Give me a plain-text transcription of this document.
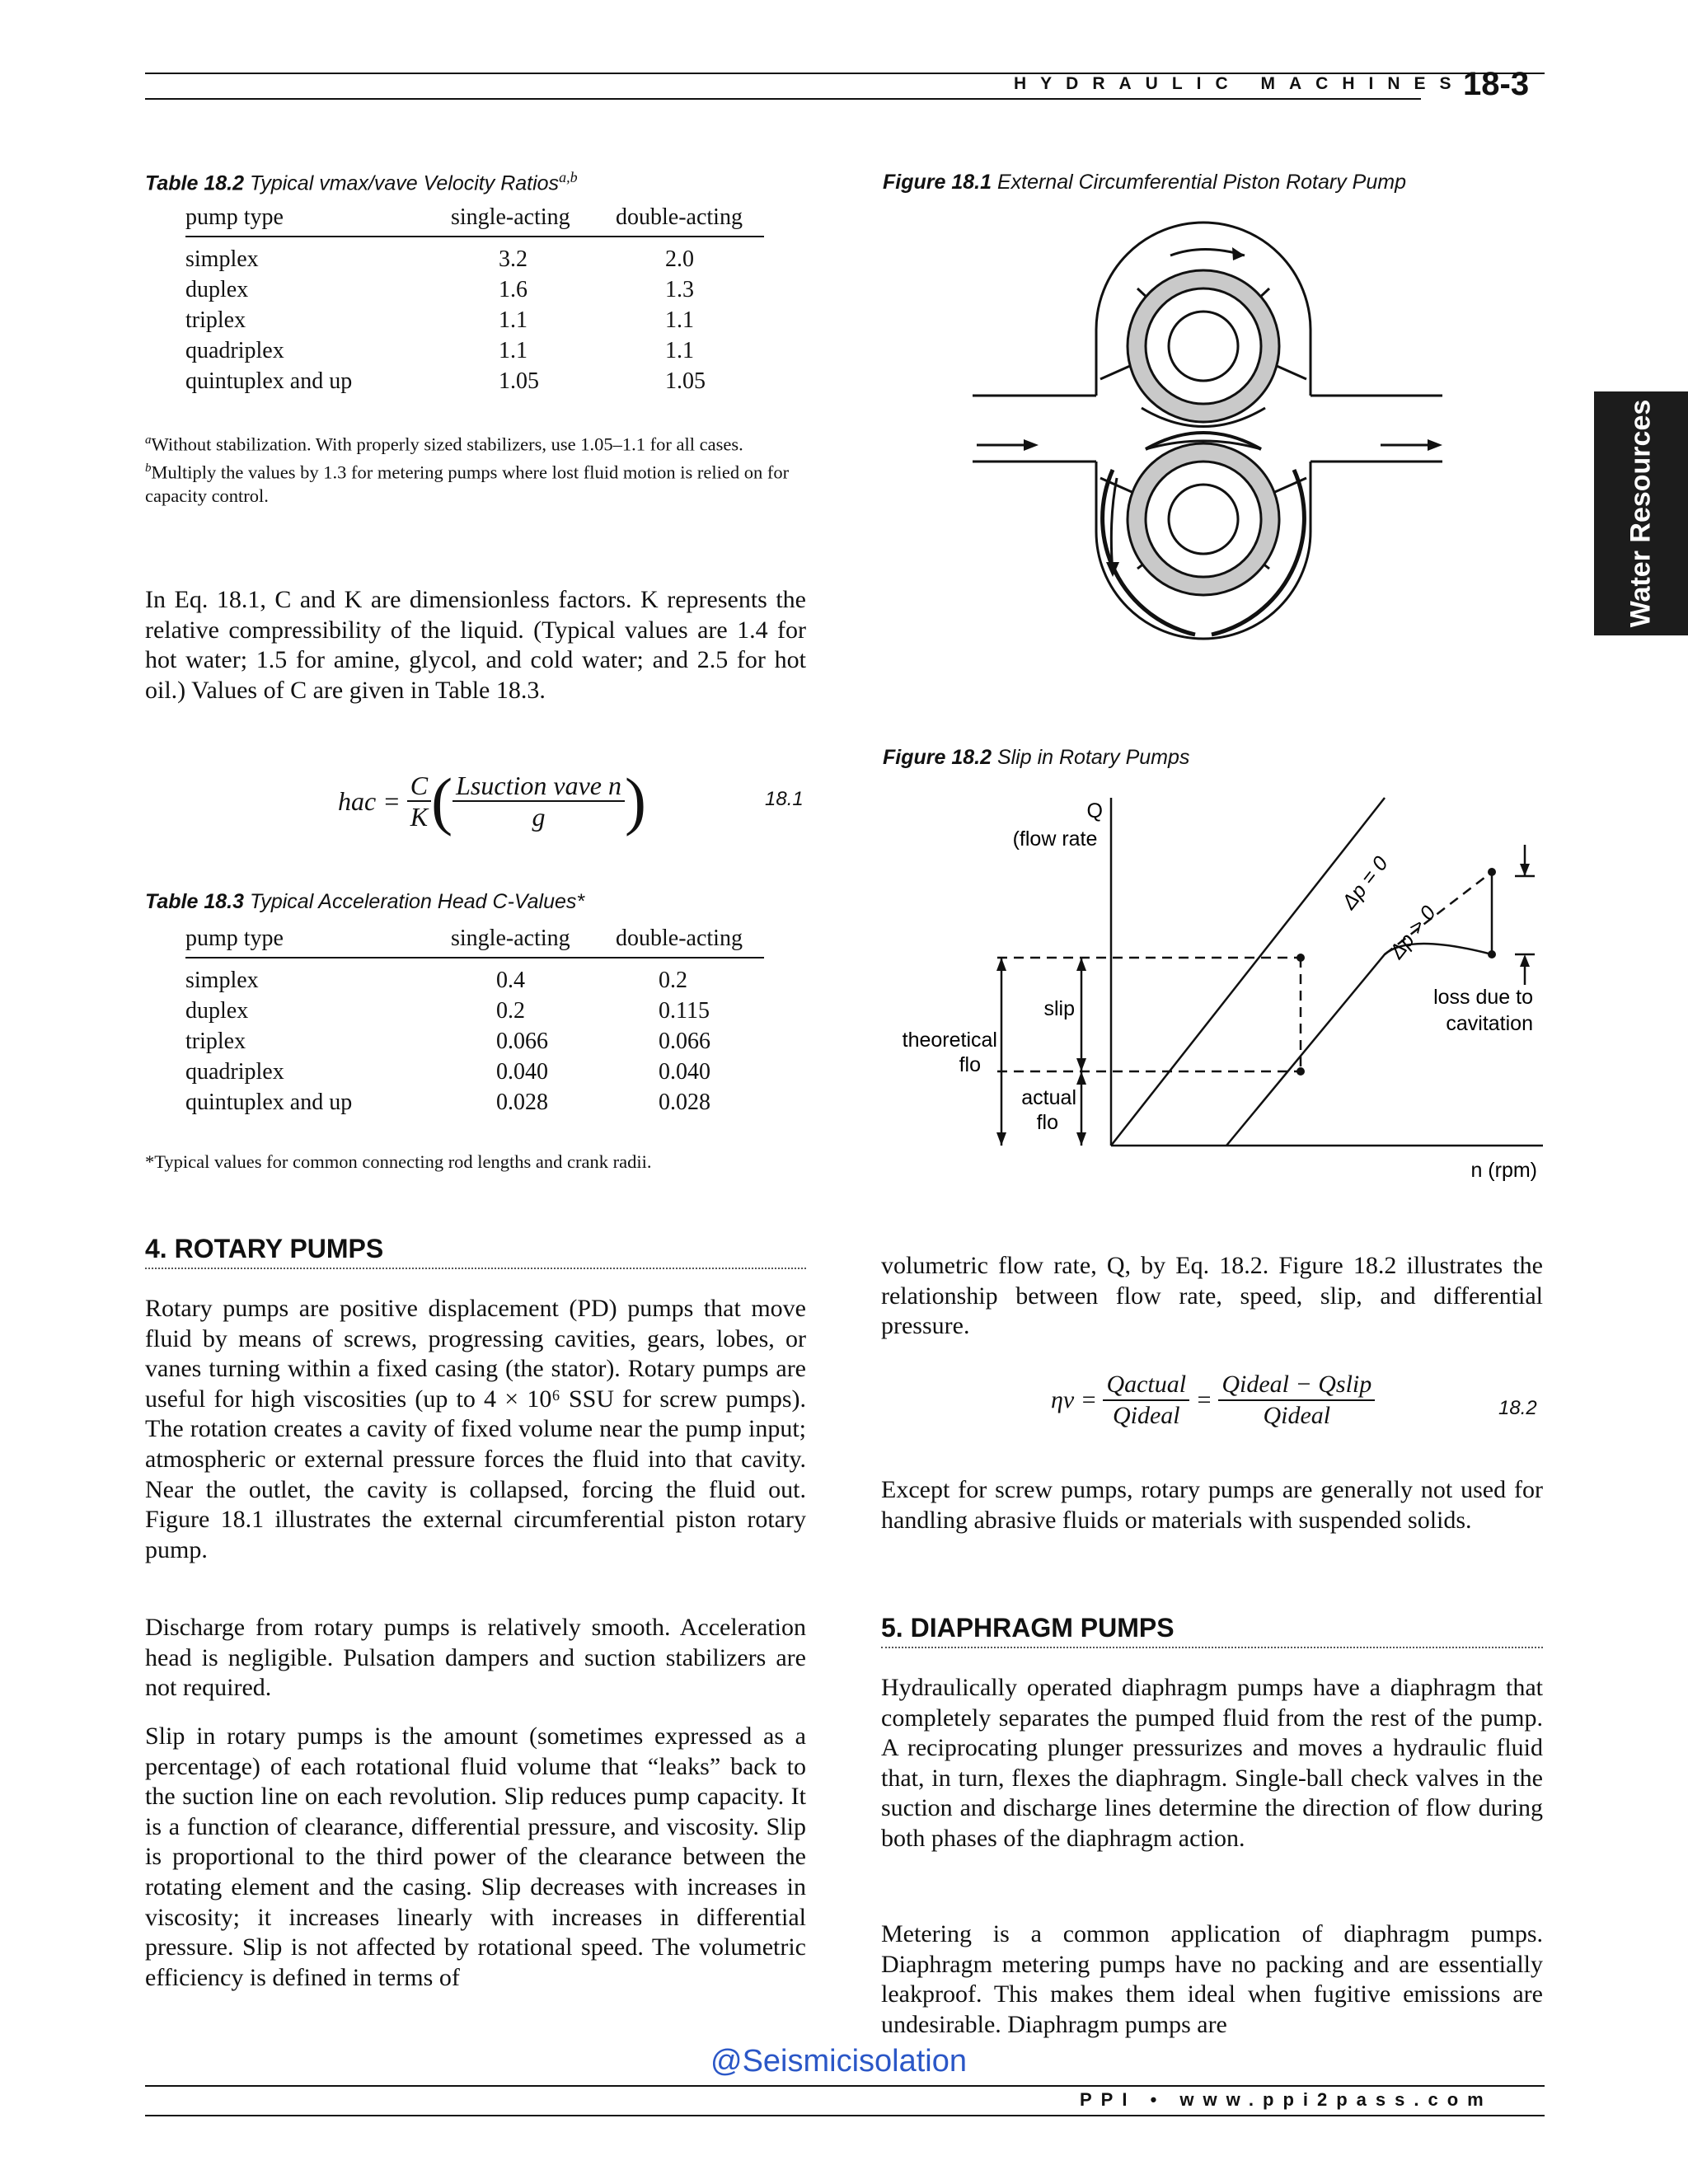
HYDRAULIC MACHINES
18-3
Water Resources
Table 18.2 Typical vmax/vave Velocity Ratios$^{a,b}$
pump type	single-acting	double-acting

simplex	3.2	2.0
duplex	1.6	1.3
triplex	1.1	1.1
quadriplex	1.1	1.1
quintuplex and up	1.05	1.05
$^a$Without stabilization. With properly sized stabilizers, use 1.05–1.1 for all cases.
$^b$Multiply the values by 1.3 for metering pumps where lost fluid motion is relied on for capacity control.
In Eq. 18.1, C and K are dimensionless factors. K represents the relative compressibility of the liquid. (Typical values are 1.4 for hot water; 1.5 for amine, glycol, and cold water; and 2.5 for hot oil.) Values of C are given in Table 18.3.
hac =
$\frac{C}{K}$ ( $\frac{\text{Lsuction vave n}}{g}$ )	18.1
Table 18.3 Typical Acceleration Head C-Values*
pump type	single-acting	double-acting

simplex	0.4	0.2
duplex	0.2	0.115
triplex	0.066	0.066
quadriplex	0.040	0.040
quintuplex and up	0.028	0.028
*Typical values for common connecting rod lengths and crank radii.
4. ROTARY PUMPS
Rotary pumps are positive displacement (PD) pumps that move fluid by means of screws, progressing cavities, gears, lobes, or vanes turning within a fixed casing (the stator). Rotary pumps are useful for high viscosities (up to 4 × 10⁶ SSU for screw pumps). The rotation creates a cavity of fixed volume near the pump input; atmospheric or external pressure forces the fluid into that cavity. Near the outlet, the cavity is collapsed, forcing the fluid out. Figure 18.1 illustrates the external circumferential piston rotary pump.
Discharge from rotary pumps is relatively smooth. Acceleration head is negligible. Pulsation dampers and suction stabilizers are not required.
Slip in rotary pumps is the amount (sometimes expressed as a percentage) of each rotational fluid volume that “leaks” back to the suction line on each revolution. Slip reduces pump capacity. It is a function of clearance, differential pressure, and viscosity. Slip is proportional to the third power of the clearance between the rotating element and the casing. Slip decreases with increases in viscosity; it increases linearly with increases in differential pressure. Slip is not affected by rotational speed. The volumetric efficiency is defined in terms of
Figure 18.1 External Circumferential Piston Rotary Pump
Figure 18.2 Slip in Rotary Pumps
Q
(flow rate
n (rpm)
Δp = 0
Δp > 0
slip
theoretical
flo
actual
flo
loss due to
cavitation
volumetric flow rate, Q, by Eq. 18.2. Figure 18.2 illustrates the relationship between flow rate, speed, slip, and differential pressure.
ηv =
$\frac{\text{Qactual}}{\text{Qideal}} = \frac{\text{Qideal − Qslip}}{\text{Qideal}}$	18.2
Except for screw pumps, rotary pumps are generally not used for handling abrasive fluids or materials with suspended solids.
5. DIAPHRAGM PUMPS
Hydraulically operated diaphragm pumps have a diaphragm that completely separates the pumped fluid from the rest of the pump. A reciprocating plunger pressurizes and moves a hydraulic fluid that, in turn, flexes the diaphragm. Single-ball check valves in the suction and discharge lines determine the direction of flow during both phases of the diaphragm action.
Metering is a common application of diaphragm pumps. Diaphragm metering pumps have no packing and are essentially leakproof. This makes them ideal when fugitive emissions are undesirable. Diaphragm pumps are
@Seismicisolation
PPI • www.ppi2pass.com
